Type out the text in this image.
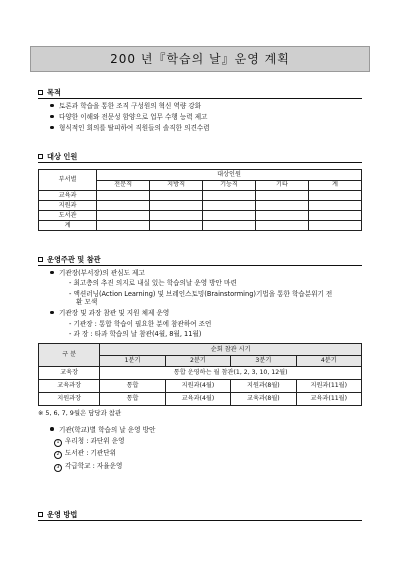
200 년『학습의 날』운영 계획
목적
토론과 학습을 통한 조직 구성원의 혁신 역량 강화
다양한 이해와 전문성 함양으로 업무 수행 능력 제고
형식적인 회의를 탈피하여 직원들의 솔직한 의견수렴
대상 인원
부서별	대상인원				
	전문직	지방직	기능직	기타	계
교육과					
지원과					
도서관					
계					
운영주관 및 참관
기관장(부서장)의 관심도 제고
- 최고층의 추진 의지로 내실 있는 학습의날 운영 방안 마련
- 액션러닝(Action Learning) 및 브레인스토밍(Brainstorming)기법을 통한 학습분위기 전
환 모색
기관장 및 과장 참관 및 지원 체제 운영
- 기관장 : 통합 학습이 필요한 분에 참관하여 조언
- 과 장 : 타과 학습의 날 참관(4월, 8월, 11월)
구 분	순회 참관 시기			
	1분기	2분기	3분기	4분기
교육장	통합 운영하는 월 참관(1, 2, 3, 10, 12월)			
교육과장	통합	지원과(4월)	지원과(8월)	지원과(11월)
지원과장	통합	교육과(4월)	교육과(8월)	교육과(11월)
※ 5, 6, 7, 9월은 담당과 참관
기관(학교)별 학습의 날 운영 방안
1 우리청 : 과단위 운영
2 도서관 : 기관단위
3 각급학교 : 자율운영
운영 방법
